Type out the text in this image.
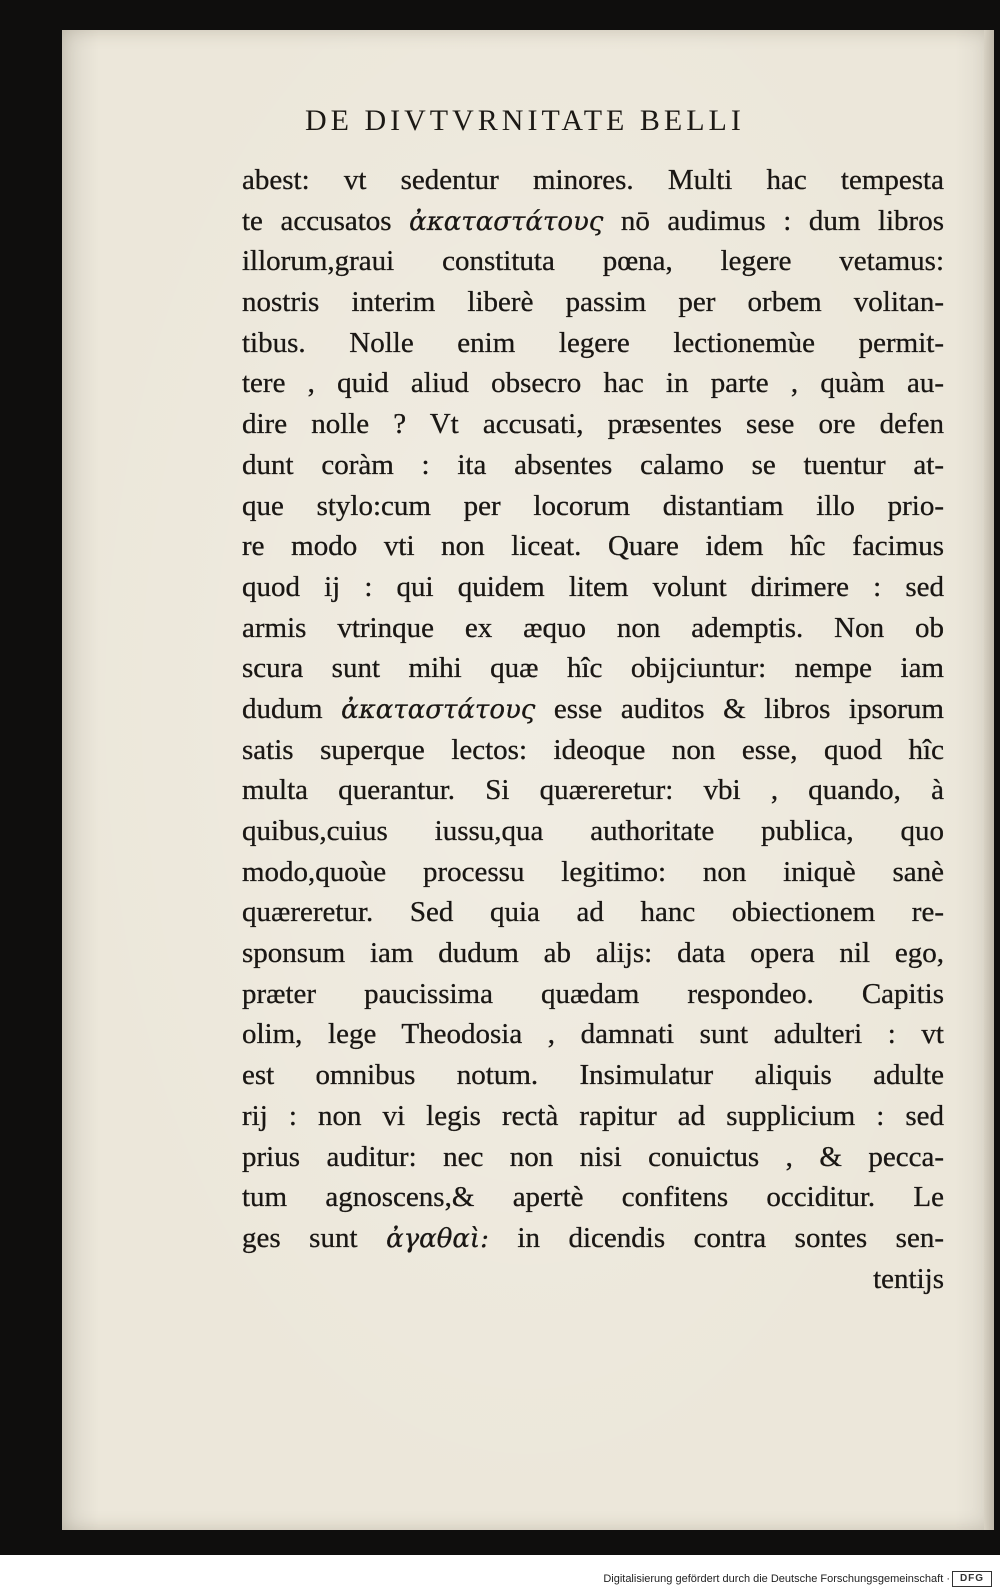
DE DIVTVRNITATE BELLI
abest: vt sedentur minores. Multi hac tempesta
te accusatos ἀκαταστάτους nō audimus : dum libros
illorum,graui constituta pœna, legere vetamus:
nostris interim liberè passim per orbem volitan-
tibus. Nolle enim legere lectionemùe permit-
tere , quid aliud obsecro hac in parte , quàm au-
dire nolle ? Vt accusati, præsentes sese ore defen
dunt coràm : ita absentes calamo se tuentur at-
que stylo:cum per locorum distantiam illo prio-
re modo vti non liceat. Quare idem hîc facimus
quod ij : qui quidem litem volunt dirimere : sed
armis vtrinque ex æquo non ademptis. Non ob
scura sunt mihi quæ hîc obijciuntur: nempe iam
dudum ἀκαταστάτους esse auditos & libros ipsorum
satis superque lectos: ideoque non esse, quod hîc
multa querantur. Si quæreretur: vbi , quando, à
quibus,cuius iussu,qua authoritate publica, quo
modo,quoùe processu legitimo: non iniquè sanè
quæreretur. Sed quia ad hanc obiectionem re-
sponsum iam dudum ab alijs: data opera nil ego,
præter paucissima quædam respondeo. Capitis
olim, lege Theodosia , damnati sunt adulteri : vt
est omnibus notum. Insimulatur aliquis adulte
rij : non vi legis rectà rapitur ad supplicium : sed
prius auditur: nec non nisi conuictus , & pecca-
tum agnoscens,& apertè confitens occiditur. Le
ges sunt ἀγαθαὶ: in dicendis contra sontes sen-
tentijs
Digitalisierung gefördert durch die Deutsche Forschungsgemeinschaft · DFG
